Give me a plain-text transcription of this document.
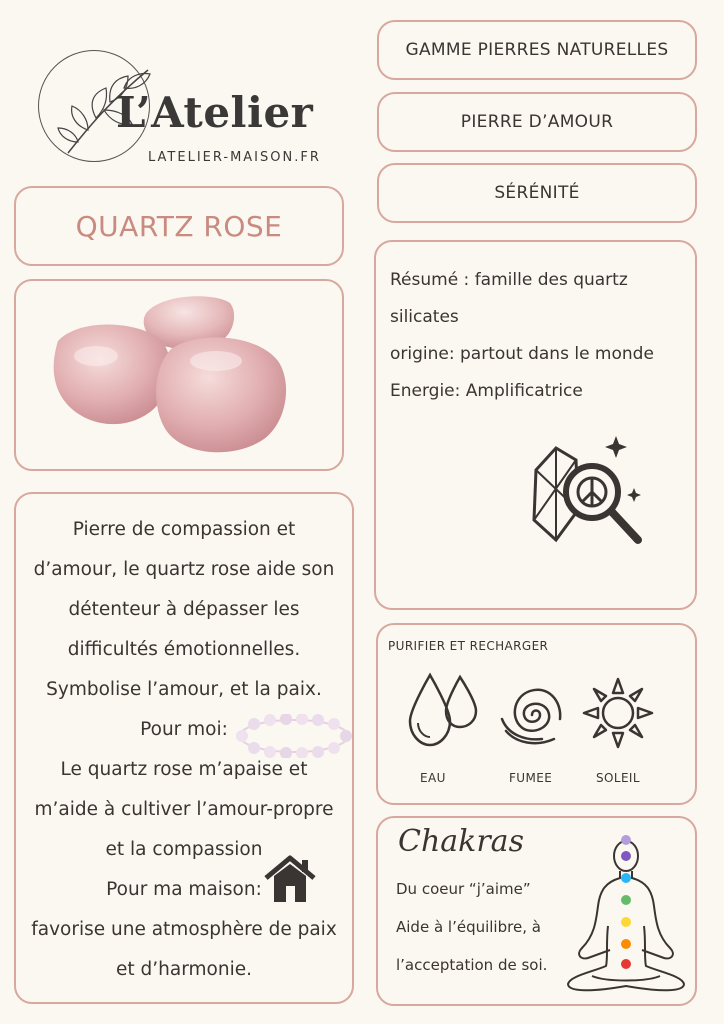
L’Atelier
LATELIER-MAISON.FR
GAMME PIERRES NATURELLES
PIERRE D’AMOUR
SÉRÉNITÉ
QUARTZ ROSE

Résumé : famille des quartz

silicates

origine: partout dans le monde

Energie: Amplificatrice

Pierre de compassion et
d’amour, le quartz rose aide son
détenteur à dépasser les
difficultés émotionnelles.
Symbolise l’amour, et la paix.
Pour moi:
Le quartz rose m’apaise et
m’aide à cultiver l’amour-propre
et la compassion
Pour ma maison:
favorise une atmosphère de paix
et d’harmonie.
PURIFIER ET RECHARGER
EAU	FUMEE	SOLEIL
Chakras
Du coeur “j’aime”
Aide à l’équilibre, à
l’acceptation de soi.
